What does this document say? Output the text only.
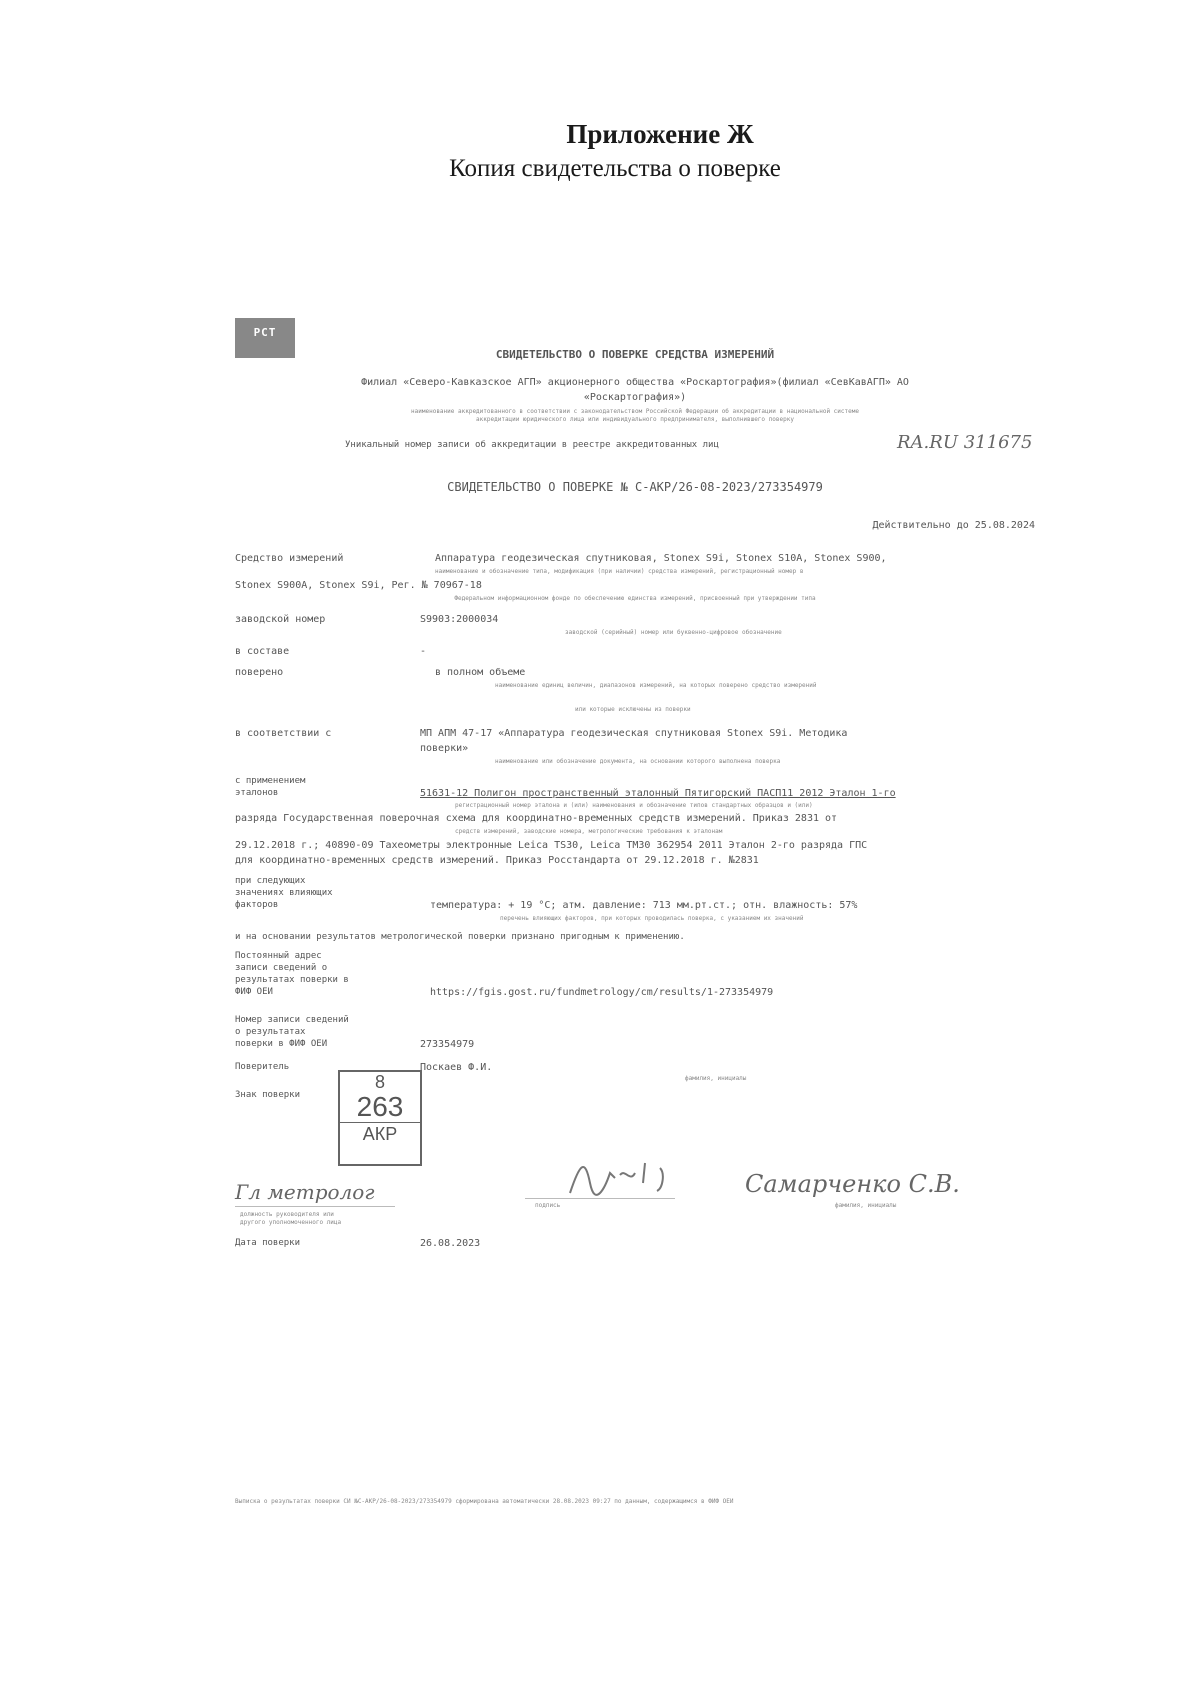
Приложение Ж
Копия свидетельства о поверке
РСТ
СВИДЕТЕЛЬСТВО О ПОВЕРКЕ СРЕДСТВА ИЗМЕРЕНИЙ
Филиал «Северо-Кавказское АГП» акционерного общества «Роскартография»(филиал «СевКавАГП» АО
«Роскартография»)
наименование аккредитованного в соответствии с законодательством Российской Федерации об аккредитации в национальной системе
аккредитации юридического лица или индивидуального предпринимателя, выполнившего поверку
Уникальный номер записи об аккредитации в реестре аккредитованных лиц	RA.RU 311675
СВИДЕТЕЛЬСТВО О ПОВЕРКЕ № С-АКР/26-08-2023/273354979
Действительно до 25.08.2024
Средство измерений	Аппаратура геодезическая спутниковая, Stonex S9i, Stonex S10A, Stonex S900,
наименование и обозначение типа, модификация (при наличии) средства измерений, регистрационный номер в
Stonex S900A, Stonex S9i, Рег. № 70967-18
Федеральном информационном фонде по обеспечению единства измерений, присвоенный при утверждении типа
заводской номер	S9903:2000034
заводской (серийный) номер или буквенно-цифровое обозначение
в составе	-
поверено	в полном объеме
наименование единиц величин, диапазонов измерений, на которых поверено средство измерений
или которые исключены из поверки
в соответствии с	МП АПМ 47-17 «Аппаратура геодезическая спутниковая Stonex S9i. Методика
поверки»
наименование или обозначение документа, на основании которого выполнена поверка
с применением
эталонов	51631-12 Полигон пространственный эталонный Пятигорский ПАСП11 2012 Эталон 1-го
регистрационный номер эталона и (или) наименования и обозначение типов стандартных образцов и (или)
разряда Государственная поверочная схема для координатно-временных средств измерений. Приказ 2831 от
средств измерений, заводские номера, метрологические требования к эталонам
29.12.2018 г.; 40890-09 Тахеометры электронные Leica TS30, Leica TM30 362954 2011 Эталон 2-го разряда ГПС
для координатно-временных средств измерений. Приказ Росстандарта от 29.12.2018 г. №2831
при следующих
значениях влияющих
факторов	температура: + 19 °С; атм. давление: 713 мм.рт.ст.; отн. влажность: 57%
перечень влияющих факторов, при которых проводилась поверка, с указанием их значений
и на основании результатов метрологической поверки признано пригодным к применению.
Постоянный адрес
записи сведений о
результатах поверки в
ФИФ ОЕИ	https://fgis.gost.ru/fundmetrology/cm/results/1-273354979
Номер записи сведений
о результатах
поверки в ФИФ ОЕИ	273354979
Поверитель	Поскаев Ф.И.
фамилия, инициалы
Знак поверки
8
263
АКР
Гл метролог
должность руководителя или
другого уполномоченного лица
подпись
Самарченко С.В.
фамилия, инициалы
Дата поверки	26.08.2023
Выписка о результатах поверки СИ №С-АКР/26-08-2023/273354979 сформирована автоматически 28.08.2023 09:27 по данным, содержащимся в ФИФ ОЕИ
